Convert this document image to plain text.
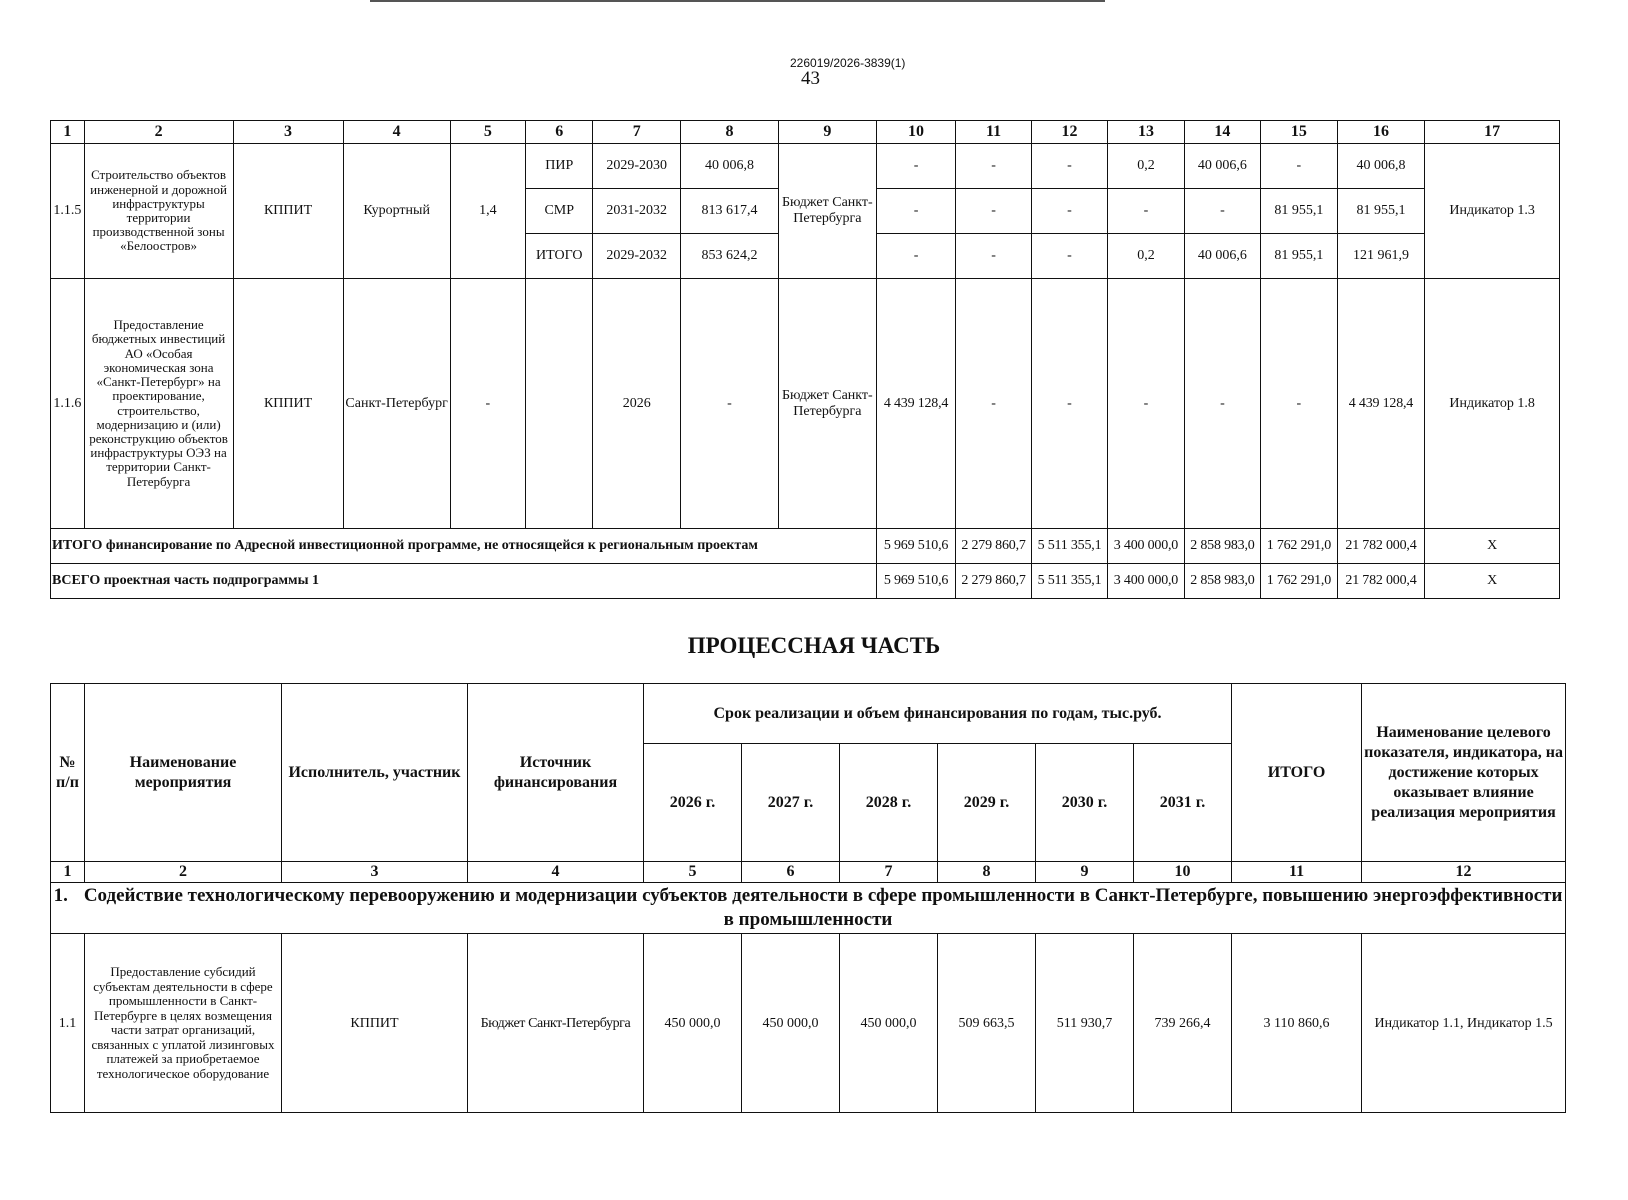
226019/2026-3839(1)
43
1	2	3	4	5	6	7	8	9	10	11	12	13	14	15	16	17
1.1.5	Строительство объектов инженерной и дорожной инфраструктуры территории производственной зоны «Белоостров»	КППИТ	Курортный	1,4	ПИР	2029-2030	40 006,8	Бюджет Санкт-Петербурга	-	-	-	0,2	40 006,6	-	40 006,8	Индикатор 1.3
					СМР	2031-2032	813 617,4		-	-	-	-	-	81 955,1	81 955,1	
					ИТОГО	2029-2032	853 624,2		-	-	-	0,2	40 006,6	81 955,1	121 961,9	
1.1.6	Предоставление бюджетных инвестиций АО «Особая экономическая зона «Санкт-Петербург» на проектирование, строительство, модернизацию и (или) реконструкцию объектов инфраструктуры ОЭЗ на территории Санкт-Петербурга	КППИТ	Санкт-Петербург	-		2026	-	Бюджет Санкт-Петербурга	4 439 128,4	-	-	-	-	-	4 439 128,4	Индикатор 1.8
ИТОГО финансирование по Адресной инвестиционной программе, не относящейся к региональным проектам									5 969 510,6	2 279 860,7	5 511 355,1	3 400 000,0	2 858 983,0	1 762 291,0	21 782 000,4	Х
ВСЕГО проектная часть подпрограммы 1									5 969 510,6	2 279 860,7	5 511 355,1	3 400 000,0	2 858 983,0	1 762 291,0	21 782 000,4	Х
ПРОЦЕССНАЯ ЧАСТЬ
№ п/п	Наименование мероприятия	Исполнитель, участник	Источник финансирования	Срок реализации и объем финансирования по годам, тыс.руб.						ИТОГО	Наименование целевого показателя, индикатора, на достижение которых оказывает влияние реализация мероприятия
				2026 г.	2027 г.	2028 г.	2029 г.	2030 г.	2031 г.		
1	2	3	4	5	6	7	8	9	10	11	12
1. Содействие технологическому перевооружению и модернизации субъектов деятельности в сфере промышленности в Санкт-Петербурге, повышению энергоэффективности в промышленности											
1.1	Предоставление субсидий субъектам деятельности в сфере промышленности в Санкт-Петербурге в целях возмещения части затрат организаций, связанных с уплатой лизинговых платежей за приобретаемое технологическое оборудование	КППИТ	Бюджет Санкт-Петербурга	450 000,0	450 000,0	450 000,0	509 663,5	511 930,7	739 266,4	3 110 860,6	Индикатор 1.1, Индикатор 1.5
